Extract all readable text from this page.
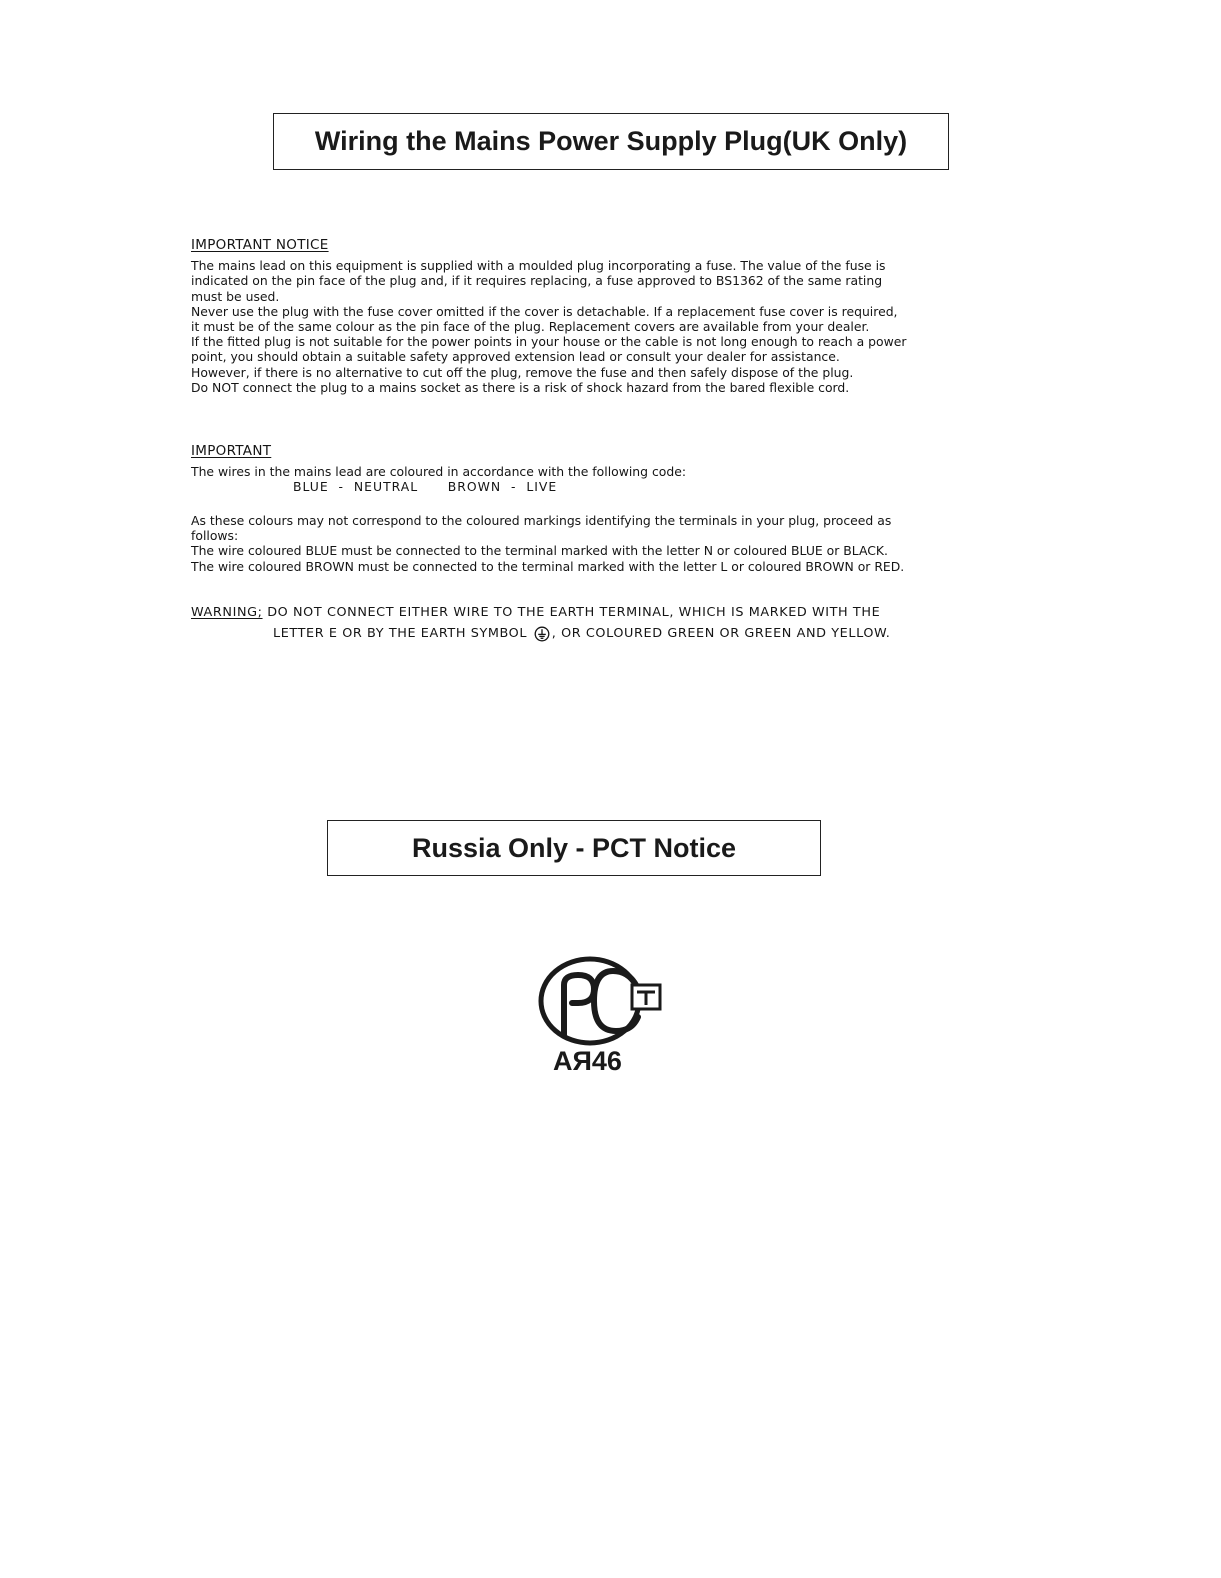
Wiring the Mains Power Supply Plug(UK Only)
IMPORTANT NOTICE
The mains lead on this equipment is supplied with a moulded plug incorporating a fuse. The value of the fuse is
indicated on the pin face of the plug and, if it requires replacing, a fuse approved to BS1362 of the same rating
must be used.
Never use the plug with the fuse cover omitted if the cover is detachable. If a replacement fuse cover is required,
it must be of the same colour as the pin face of the plug. Replacement covers are available from your dealer.
If the fitted plug is not suitable for the power points in your house or the cable is not long enough to reach a power
point, you should obtain a suitable safety approved extension lead or consult your dealer for assistance.
However, if there is no alternative to cut off the plug, remove the fuse and then safely dispose of the plug.
Do NOT connect the plug to a mains socket as there is a risk of shock hazard from the bared flexible cord.
IMPORTANT
The wires in the mains lead are coloured in accordance with the following code:
BLUE  -  NEUTRAL      BROWN  -  LIVE
As these colours may not correspond to the coloured markings identifying the terminals in your plug, proceed as
follows:
The wire coloured BLUE must be connected to the terminal marked with the letter N or coloured BLUE or BLACK.
The wire coloured BROWN must be connected to the terminal marked with the letter L or coloured BROWN or RED.
WARNING; DO NOT CONNECT EITHER WIRE TO THE EARTH TERMINAL, WHICH IS MARKED WITH THE
LETTER E OR BY THE EARTH SYMBOL , OR COLOURED GREEN OR GREEN AND YELLOW.
Russia Only - PCT Notice
AЯ46
